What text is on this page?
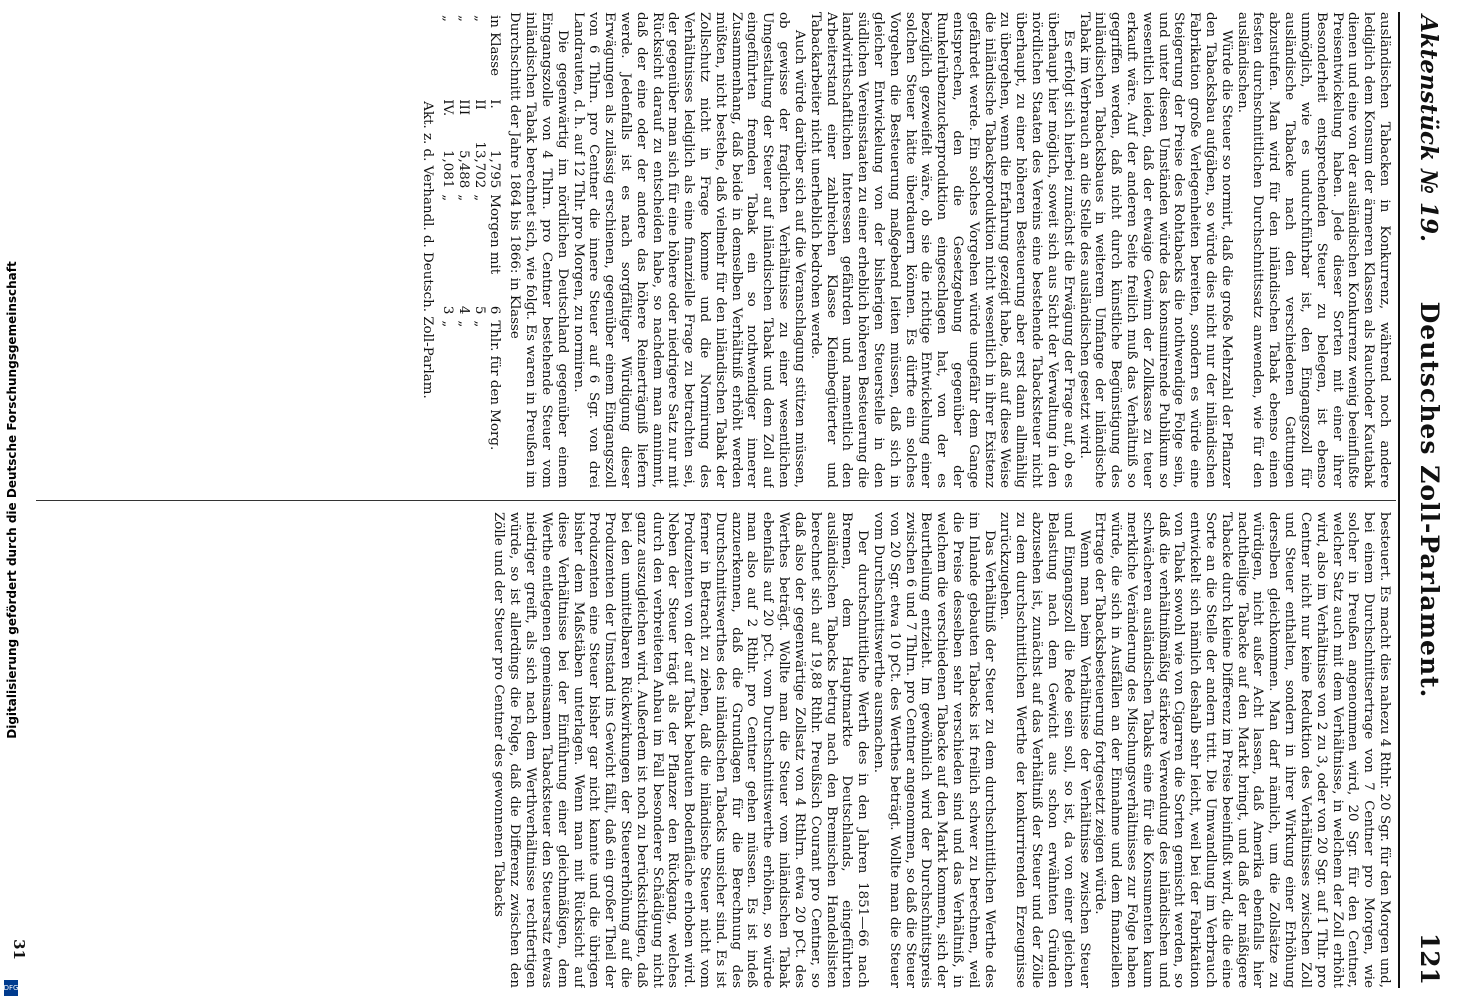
Aktenstück № 19.
Deutsches Zoll-Parlament.
121

ausländischen Tabacken in Konkurrenz, während noch andere lediglich dem Konsum der ärmeren Klassen als Rauchoder Kautabak dienen und eine von der ausländischen Konkurrenz wenig beeinflußte Preisentwickelung haben. Jede dieser Sorten mit einer ihrer Besonderheit entsprechenden Steuer zu belegen, ist ebenso unmöglich, wie es undurchführbar ist, den Eingangszoll für ausländische Tabacke nach den verschiedenen Gattungen abzustufen. Man wird für den inländischen Tabak ebenso einen festen durchschnittlichen Durchschnittssatz anwenden, wie für den ausländischen.

Würde die Steuer so normirt, daß die große Mehrzahl der Pflanzer den Tabacksbau aufgäben, so würde dies nicht nur der inländischen Fabrikation große Verlegenheiten bereiten, sondern es würde eine Steigerung der Preise des Rohtabacks die nothwendige Folge sein, und unter diesen Umständen würde das konsumirende Publikum so wesentlich leiden, daß der etwaige Gewinn der Zollkasse zu teuer erkauft wäre. Auf der anderen Seite freilich muß das Verhältniß so gegriffen werden, daß nicht durch künstliche Begünstigung des inländischen Tabacksbaues in weiterem Umfange der inländische Tabak im Verbrauch an die Stelle des ausländischen gesetzt wird.

Es erfolgt sich hierbei zunächst die Erwägung der Frage auf, ob es überhaupt hier möglich, soweit sich aus Sicht der Verwaltung in den nördlichen Staaten des Vereins eine bestehende Tabacksteuer nicht überhaupt, zu einer höheren Besteuerung aber erst dann allmählig zu übergehen, wenn die Erfahrung gezeigt habe, daß auf diese Weise die inländische Tabacksproduktion nicht wesentlich in ihrer Existenz gefährdet werde. Ein solches Vorgehen würde ungefähr dem Gange entsprechen, den die Gesetzgebung gegenüber der Runkelrübenzuckerproduktion eingeschlagen hat, von der es bezüglich gezweifelt wäre, ob sie die richtige Entwickelung einer solchen Steuer hätte überdauern können. Es dürfte ein solches Vorgehen die Besteuerung maßgebend leiten müssen, daß sich in gleicher Entwickelung von der bisherigen Steuerstelle in den südlichen Vereinsstaaten zu einer erheblich höheren Besteuerung die landwirthschaftlichen Interessen gefährden und namentlich den Arbeiterstand einer zahlreichen Klasse Kleinbegüterter und Tabackarbeiter nicht unerheblich bedrohen werde.

Auch würde darüber sich auf die Veranschlagung stützen müssen, ob gewisse der fraglichen Verhältnisse zu einer wesentlichen Umgestaltung der Steuer auf inländischen Tabak und dem Zoll auf eingeführten fremden Tabak ein so nothwendiger innerer Zusammenhang, daß beide in demselben Verhältniß erhöht werden müßten, nicht bestehe, daß vielmehr für den inländischen Tabak der Zollschutz nicht in Frage komme und die Normirung des Verhältnisses lediglich als eine finanzielle Frage zu betrachten sei, der gegenüber man sich für eine höhere oder niedrigere Satz nur mit Rücksicht darauf zu entscheiden habe, so nachdem man annimmt, daß der eine oder der andere das höhere Reinerträgniß liefern werde. Jedenfalls ist es nach sorgfältiger Würdigung dieser Erwägungen als zulässig erschienen, gegenüber einem Eingangszoll von 6 Thlrn. pro Centner die innere Steuer auf 6 Sgr. von drei Landrauten, d. h. auf 12 Thlr. pro Morgen, zu normiren.

Die gegenwärtig im nördlichen Deutschland gegenüber einem Eingangszolle von 4 Thlrn. pro Centner bestehende Steuer vom inländischen Tabak berechnet sich, wie folgt. Es waren in Preußen im Durchschnitt der Jahre 1864 bis 1866: in Klasse

in Klasse	I.	1,795	Morgen mit	6	Thlr. für den Morg.
„	II	13,702	„	5	„
„	III	5,488	„	4	„
„	IV.	1,081	„	3	„
Akt. z. d. Verhandl. d. Deutsch. Zoll-Parlam.

besteuert. Es macht dies nahezu 4 Rthlr. 20 Sgr. für den Morgen und, bei einem Durchschnittsertrage von 7 Centner pro Morgen, wie solcher in Preußen angenommen wird, 20 Sgr. für den Centner, welcher Satz auch mit dem Verhältnisse, in welchem der Zoll erhöht wird, also im Verhältnisse von 2 zu 3, oder von 20 Sgr. auf 1 Thlr. pro Centner nicht nur keine Reduktion des Verhältnisses zwischen Zoll und Steuer enthalten, sondern in ihrer Wirkung einer Erhöhung derselben gleichkommen. Man darf nämlich, um die Zollsätze zu würdigen, nicht außer Acht lassen, daß Amerika ebenfalls hier nachtheilige Tabacke auf den Markt bringt, und daß der mäßigere Tabacke durch kleine Differenz im Preise beeinflußt wird, die die eine Sorte an die Stelle der andern tritt. Die Umwandlung im Verbrauch entwickelt sich nämlich deshalb sehr leicht, weil bei der Fabrikation von Tabak sowohl wie von Cigarren die Sorten gemischt werden, so daß die verhältnißmäßig stärkere Verwendung des inländischen und schwächeren ausländischen Tabaks eine für die Konsumenten kaum merkliche Veränderung des Mischungsverhältnisses zur Folge haben würde, die sich in Ausfällen an der Einnahme und dem finanziellen Ertrage der Tabacksbesteuerung fortgesetzt zeigen würde.

Wenn man beim Verhältnisse der Verhältnisse zwischen Steuer und Eingangszoll die Rede sein soll, so ist, da von einer gleichen Belastung nach dem Gewicht aus schon erwähnten Gründen abzusehen ist, zunächst auf das Verhältniß der Steuer und der Zölle zu dem durchschnittlichen Werthe der konkurrirenden Erzeugnisse zurückzugehen.

Das Verhältniß der Steuer zu dem durchschnittlichen Werthe des im Inlande gebauten Tabacks ist freilich schwer zu berechnen, weil die Preise desselben sehr verschieden sind und das Verhältniß, in welchem die verschiedenen Tabacke auf den Markt kommen, sich der Beurtheilung entzieht. Im gewöhnlich wird der Durchschnittspreis zwischen 6 und 7 Thlrn. pro Centner angenommen, so daß die Steuer von 20 Sgr. etwa 10 pCt. des Werthes beträgt. Wollte man die Steuer vom Durchschnittswerthe ausmachen.

Der durchschnittliche Werth des in den Jahren 1851—66 nach Bremen, dem Hauptmarkte Deutschlands, eingeführten ausländischen Tabacks betrug nach den Bremischen Handelslisten berechnet sich auf 19,88 Rthlr. Preußisch Courant pro Centner, so daß also der gegenwärtige Zollsatz von 4 Rthlrn. etwa 20 pCt. des Werthes beträgt. Wollte man die Steuer vom inländischen Tabak ebenfalls auf 20 pCt. vom Durchschnittswerthe erhöhen, so würde man also auf 2 Rthlr. pro Centner gehen müssen. Es ist indeß anzuerkennen, daß die Grundlagen für die Berechnung des Durchschnittswerthes des inländischen Tabacks unsicher sind. Es ist ferner in Betracht zu ziehen, daß die inländische Steuer nicht vom Produzenten von der auf Tabak bebauten Bodenfläche erhoben wird. Neben der Steuer trägt als der Pflanzer den Rückgang, welches durch den verbreiteten Anbau im Fall besonderer Schädigung nicht ganz auszugleichen wird. Außerdem ist noch zu berücksichtigen, daß bei den unmittelbaren Rückwirkungen der Steuererhöhung auf die Produzenten der Umstand ins Gewicht fällt, daß ein großer Theil der Produzenten eine Steuer bisher gar nicht kannte und die übrigen bisher dem Maßstäben unterlagen. Wenn man mit Rücksicht auf diese Verhältnisse bei der Einführung einer gleichmäßigen, dem Werthe entlegenen gemeinsamen Tabacksteuer den Steuersatz etwas niedriger greift, als sich nach dem Werthverhältnisse rechtfertigen würde, so ist allerdings die Folge, daß die Differenz zwischen den Zölle und der Steuer pro Centner des gewonnenen Tabacks

31
Digitalisierung gefördert durch die Deutsche Forschungsgemeinschaft
DFG
